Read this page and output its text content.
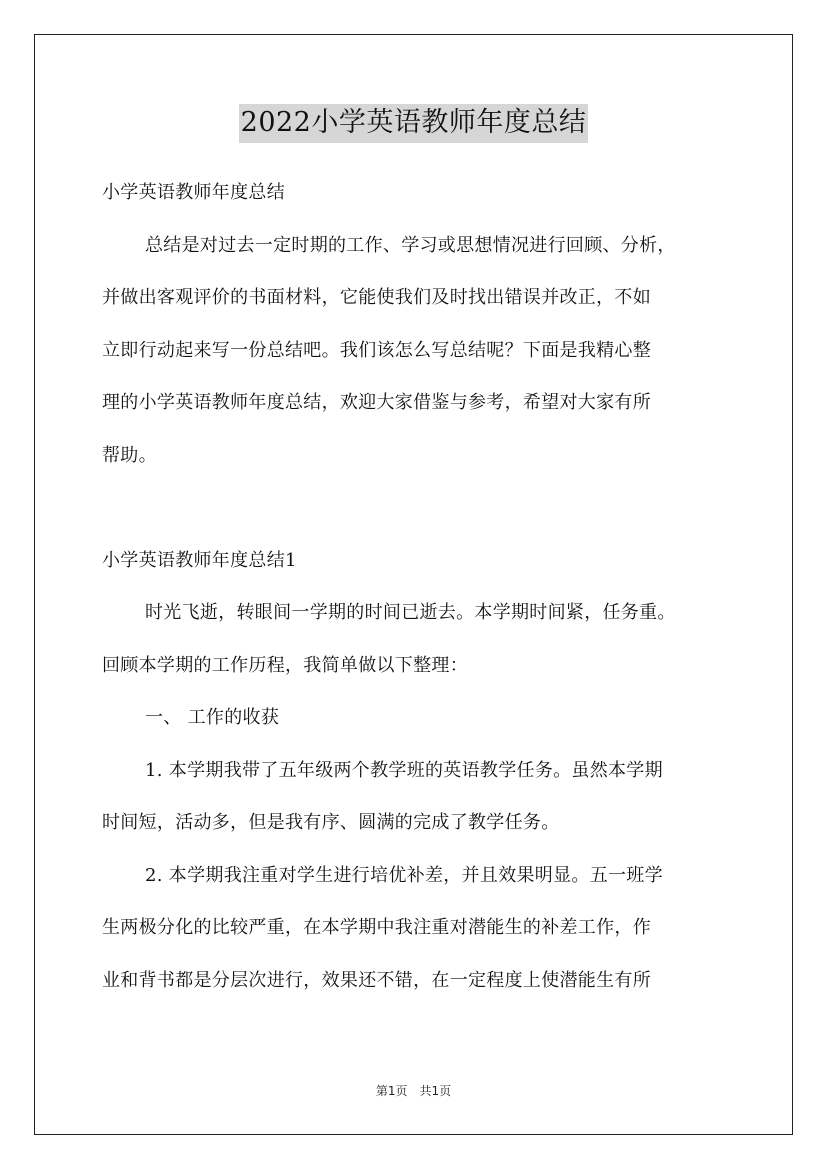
2022小学英语教师年度总结
小学英语教师年度总结
总结是对过去一定时期的工作、学习或思想情况进行回顾、分析，
并做出客观评价的书面材料，它能使我们及时找出错误并改正，不如
立即行动起来写一份总结吧。我们该怎么写总结呢？下面是我精心整
理的小学英语教师年度总结，欢迎大家借鉴与参考，希望对大家有所
帮助。
小学英语教师年度总结1
时光飞逝，转眼间一学期的时间已逝去。本学期时间紧，任务重。
回顾本学期的工作历程，我简单做以下整理：
一、 工作的收获
1. 本学期我带了五年级两个教学班的英语教学任务。虽然本学期
时间短，活动多，但是我有序、圆满的完成了教学任务。
2. 本学期我注重对学生进行培优补差，并且效果明显。五一班学
生两极分化的比较严重，在本学期中我注重对潜能生的补差工作，作
业和背书都是分层次进行，效果还不错，在一定程度上使潜能生有所
第1页 共1页
